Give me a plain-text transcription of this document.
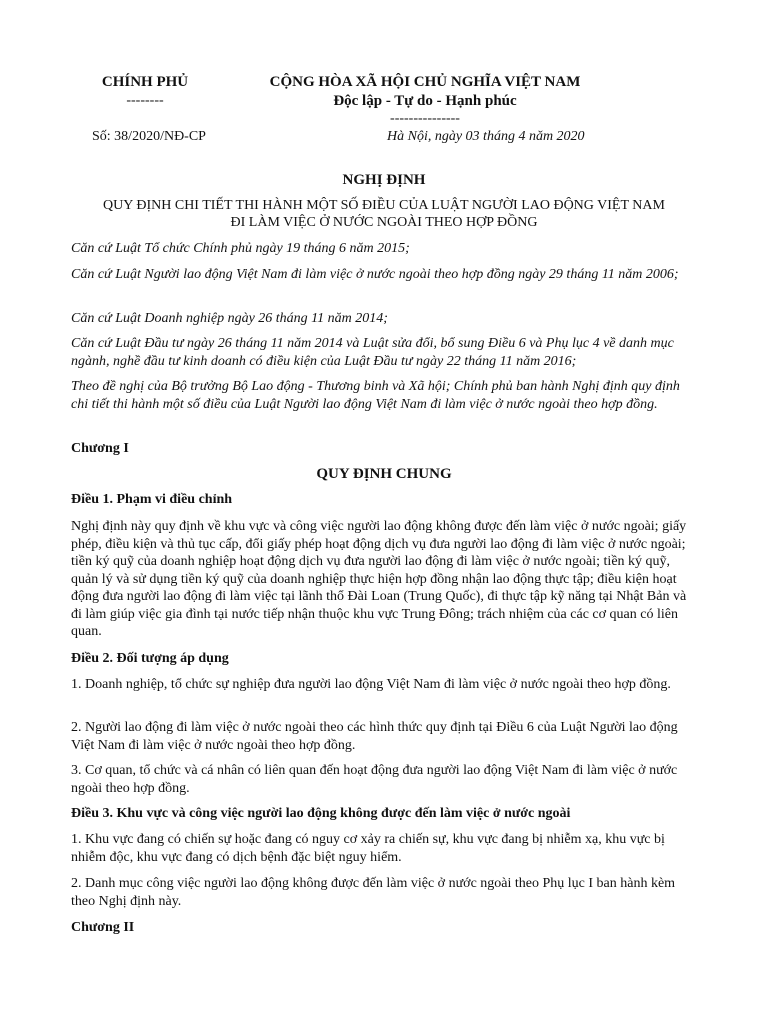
CHÍNH PHỦ
--------
CỘNG HÒA XÃ HỘI CHỦ NGHĨA VIỆT NAM
Độc lập - Tự do - Hạnh phúc
---------------
Số: 38/2020/NĐ-CP	Hà Nội, ngày 03 tháng 4 năm 2020
NGHỊ ĐỊNH
QUY ĐỊNH CHI TIẾT THI HÀNH MỘT SỐ ĐIỀU CỦA LUẬT NGƯỜI LAO ĐỘNG VIỆT NAM
ĐI LÀM VIỆC Ở NƯỚC NGOÀI THEO HỢP ĐỒNG
Căn cứ Luật Tổ chức Chính phủ ngày 19 tháng 6 năm 2015;
Căn cứ Luật Người lao động Việt Nam đi làm việc ở nước ngoài theo hợp đồng ngày 29 tháng 11 năm 2006;
Căn cứ Luật Doanh nghiệp ngày 26 tháng 11 năm 2014;
Căn cứ Luật Đầu tư ngày 26 tháng 11 năm 2014 và Luật sửa đổi, bổ sung Điều 6 và Phụ lục 4 về danh mục ngành, nghề đầu tư kinh doanh có điều kiện của Luật Đầu tư ngày 22 tháng 11 năm 2016;
Theo đề nghị của Bộ trưởng Bộ Lao động - Thương binh và Xã hội; Chính phủ ban hành Nghị định quy định chi tiết thi hành một số điều của Luật Người lao động Việt Nam đi làm việc ở nước ngoài theo hợp đồng.
Chương I
QUY ĐỊNH CHUNG
Điều 1. Phạm vi điều chỉnh
Nghị định này quy định về khu vực và công việc người lao động không được đến làm việc ở nước ngoài; giấy phép, điều kiện và thủ tục cấp, đổi giấy phép hoạt động dịch vụ đưa người lao động đi làm việc ở nước ngoài; tiền ký quỹ của doanh nghiệp hoạt động dịch vụ đưa người lao động đi làm việc ở nước ngoài; tiền ký quỹ, quản lý và sử dụng tiền ký quỹ của doanh nghiệp thực hiện hợp đồng nhận lao động thực tập; điều kiện hoạt động đưa người lao động đi làm việc tại lãnh thổ Đài Loan (Trung Quốc), đi thực tập kỹ năng tại Nhật Bản và đi làm giúp việc gia đình tại nước tiếp nhận thuộc khu vực Trung Đông; trách nhiệm của các cơ quan có liên quan.
Điều 2. Đối tượng áp dụng
1. Doanh nghiệp, tổ chức sự nghiệp đưa người lao động Việt Nam đi làm việc ở nước ngoài theo hợp đồng.
2. Người lao động đi làm việc ở nước ngoài theo các hình thức quy định tại Điều 6 của Luật Người lao động Việt Nam đi làm việc ở nước ngoài theo hợp đồng.
3. Cơ quan, tổ chức và cá nhân có liên quan đến hoạt động đưa người lao động Việt Nam đi làm việc ở nước ngoài theo hợp đồng.
Điều 3. Khu vực và công việc người lao động không được đến làm việc ở nước ngoài
1. Khu vực đang có chiến sự hoặc đang có nguy cơ xảy ra chiến sự, khu vực đang bị nhiễm xạ, khu vực bị nhiễm độc, khu vực đang có dịch bệnh đặc biệt nguy hiểm.
2. Danh mục công việc người lao động không được đến làm việc ở nước ngoài theo Phụ lục I ban hành kèm theo Nghị định này.
Chương II
